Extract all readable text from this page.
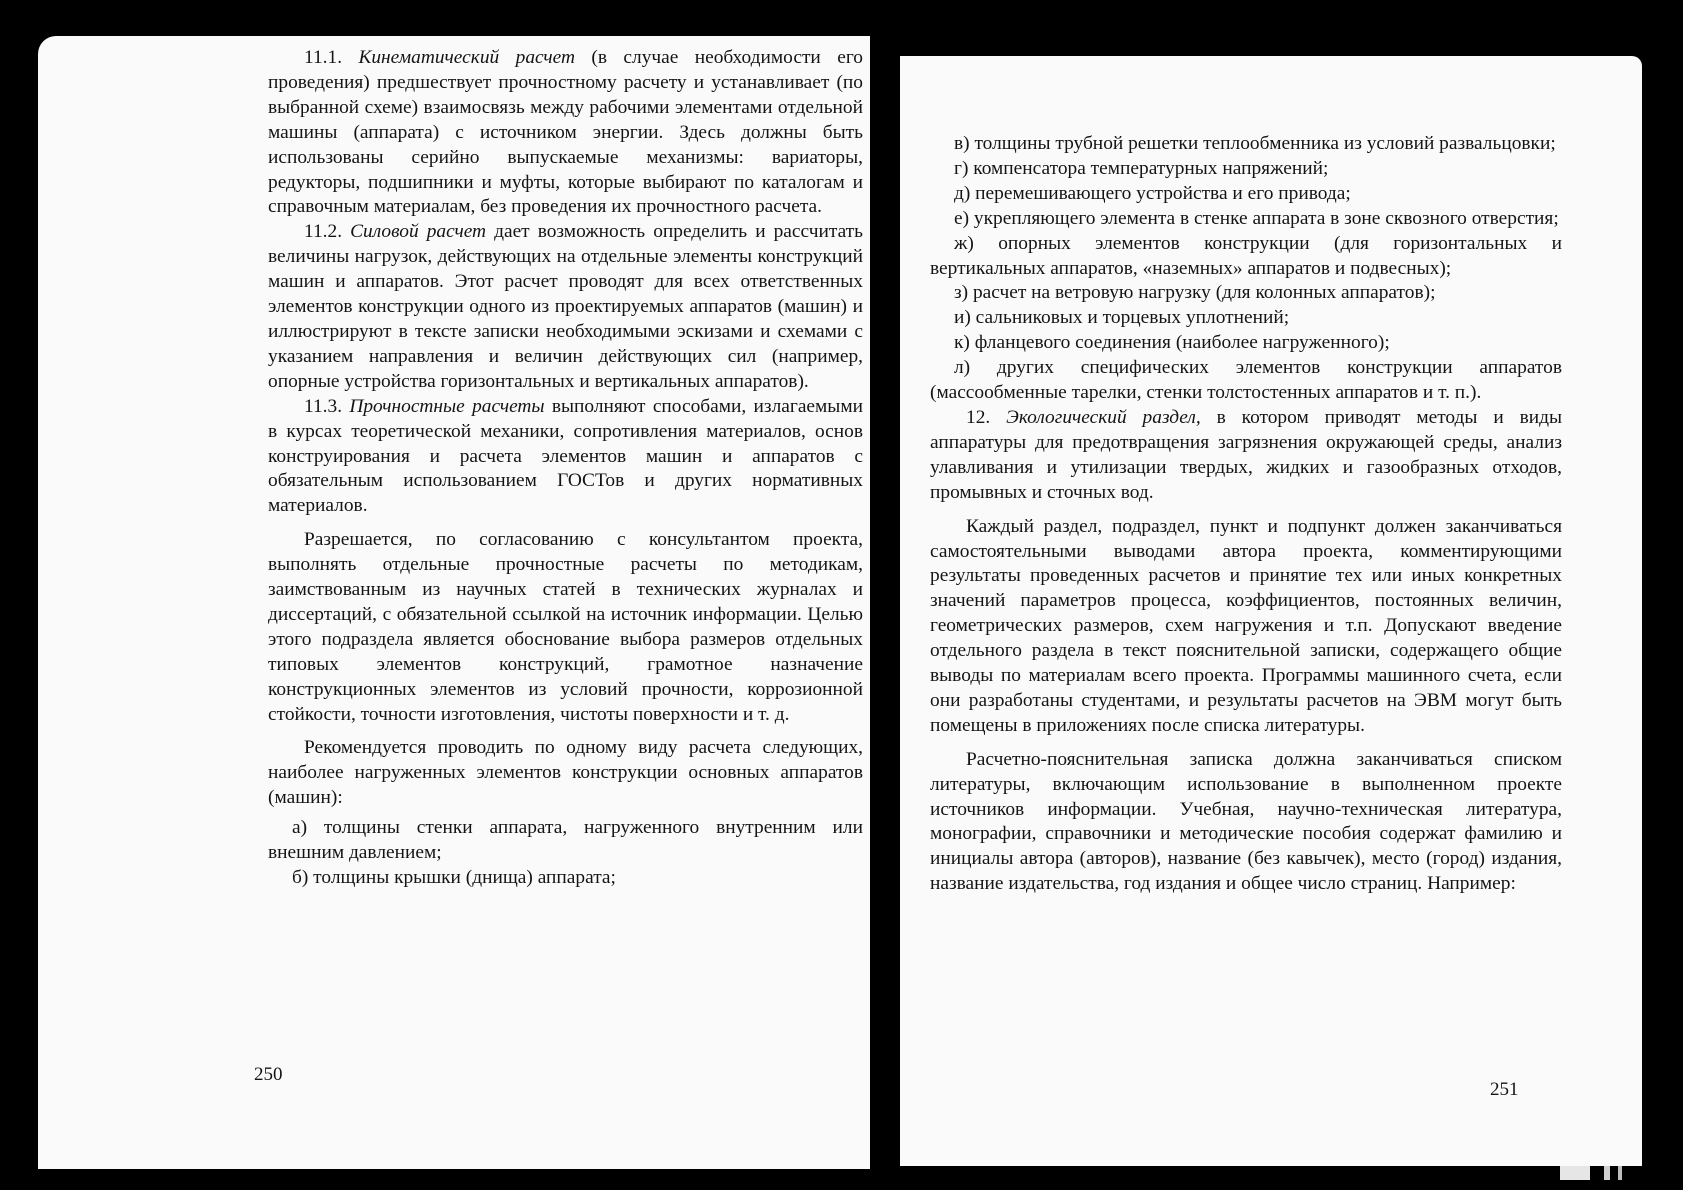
11.1. Кинематический расчет (в случае необходимости его проведения) предшествует прочностному расчету и устанавливает (по выбранной схеме) взаимосвязь между рабочими элементами отдельной машины (аппарата) с источником энергии. Здесь должны быть использованы серийно выпускаемые механизмы: вариаторы, редукторы, подшипники и муфты, которые выбирают по каталогам и справочным материалам, без проведения их прочностного расчета.

11.2. Силовой расчет дает возможность определить и рассчитать величины нагрузок, действующих на отдельные элементы конструкций машин и аппаратов. Этот расчет проводят для всех ответственных элементов конструкции одного из проектируемых аппаратов (машин) и иллюстрируют в тексте записки необходимыми эскизами и схемами с указанием направления и величин действующих сил (например, опорные устройства горизонтальных и вертикальных аппаратов).

11.3. Прочностные расчеты выполняют способами, излагаемыми в курсах теоретической механики, сопротивления материалов, основ конструирования и расчета элементов машин и аппаратов с обязательным использованием ГОСТов и других нормативных материалов.

Разрешается, по согласованию с консультантом проекта, выполнять отдельные прочностные расчеты по методикам, заимствованным из научных статей в технических журналах и диссертаций, с обязательной ссылкой на источник информации. Целью этого подраздела является обоснование выбора размеров отдельных типовых элементов конструкций, грамотное назначение конструкционных элементов из условий прочности, коррозионной стойкости, точности изготовления, чистоты поверхности и т. д.

Рекомендуется проводить по одному виду расчета следующих, наиболее нагруженных элементов конструкции основных аппаратов (машин):

а) толщины стенки аппарата, нагруженного внутренним или внешним давлением;

б) толщины крышки (днища) аппарата;

250

в) толщины трубной решетки теплообменника из условий развальцовки;

г) компенсатора температурных напряжений;

д) перемешивающего устройства и его привода;

е) укрепляющего элемента в стенке аппарата в зоне сквозного отверстия;

ж) опорных элементов конструкции (для горизонтальных и вертикальных аппаратов, «наземных» аппаратов и подвесных);

з) расчет на ветровую нагрузку (для колонных аппаратов);

и) сальниковых и торцевых уплотнений;

к) фланцевого соединения (наиболее нагруженного);

л) других специфических элементов конструкции аппаратов (массообменные тарелки, стенки толстостенных аппаратов и т. п.).

12. Экологический раздел, в котором приводят методы и виды аппаратуры для предотвращения загрязнения окружающей среды, анализ улавливания и утилизации твердых, жидких и газообразных отходов, промывных и сточных вод.

Каждый раздел, подраздел, пункт и подпункт должен заканчиваться самостоятельными выводами автора проекта, комментирующими результаты проведенных расчетов и принятие тех или иных конкретных значений параметров процесса, коэффициентов, постоянных величин, геометрических размеров, схем нагружения и т.п. Допускают введение отдельного раздела в текст пояснительной записки, содержащего общие выводы по материалам всего проекта. Программы машинного счета, если они разработаны студентами, и результаты расчетов на ЭВМ могут быть помещены в приложениях после списка литературы.

Расчетно-пояснительная записка должна заканчиваться списком литературы, включающим использование в выполненном проекте источников информации. Учебная, научно-техническая литература, монографии, справочники и методические пособия содержат фамилию и инициалы автора (авторов), название (без кавычек), место (город) издания, название издательства, год издания и общее число страниц. Например:

251
